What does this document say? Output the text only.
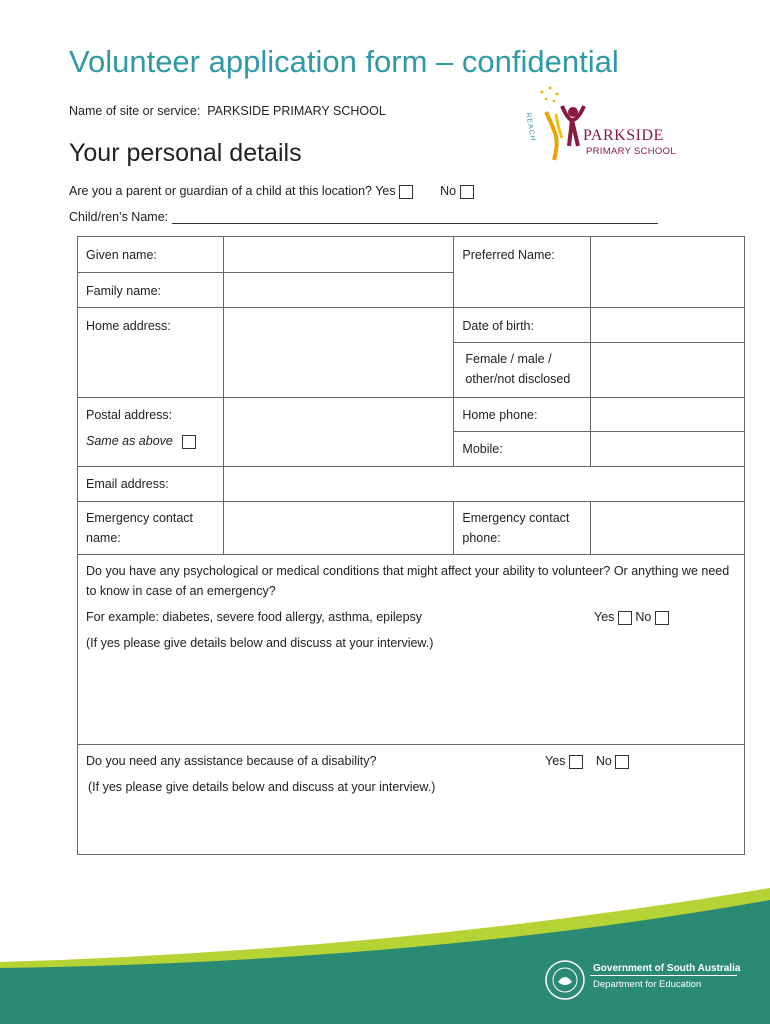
Volunteer application form – confidential
Name of site or service: PARKSIDE PRIMARY SCHOOL
REACH	PARKSIDE
PRIMARY SCHOOL
Your personal details
Are you a parent or guardian of a child at this location? Yes	No
Child/ren’s Name:
Given name:		Preferred Name:	
Family name:			
Home address:		Date of birth:	
		Female / male / other/not disclosed	

Postal address:
Same as above		Home phone:	
		Mobile:	
Email address:			
Emergency contact name:		Emergency contact phone:	

Do you have any psychological or medical conditions that might affect your ability to volunteer? Or anything we need to know in case of an emergency?
For example: diabetes, severe food allergy, asthma, epilepsy Yes No
(If yes please give details below and discuss at your interview.)			

Do you need any assistance because of a disability? Yes No
(If yes please give details below and discuss at your interview.)			
Government of South Australia
Department for Education
